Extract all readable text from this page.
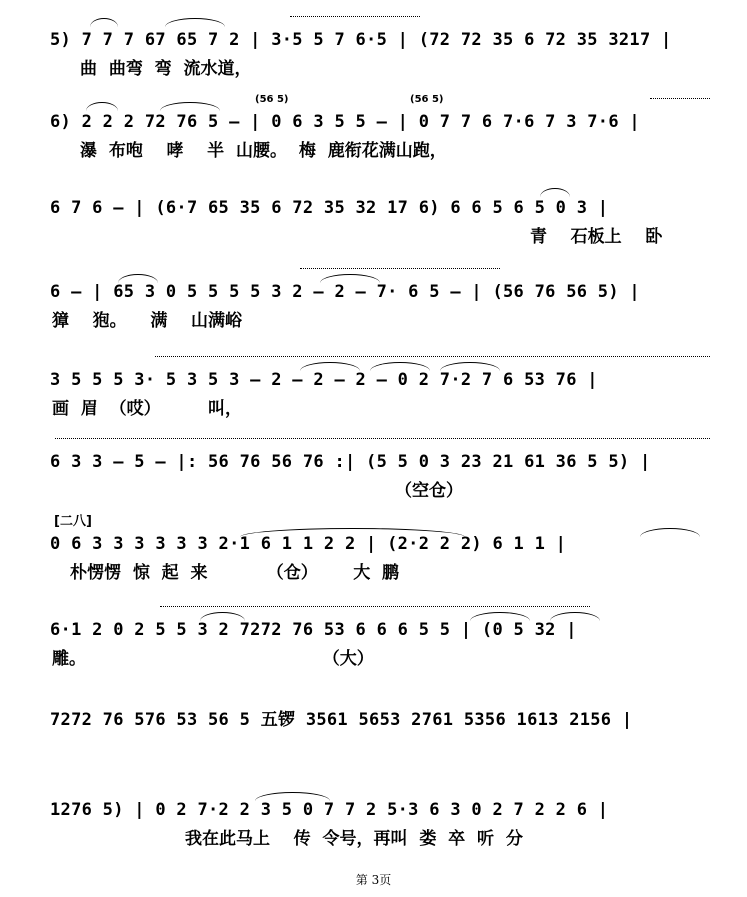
5) 7 7 7 67 65 7 2 | 3·5 5 7 6·5 | (72 72 35 6 72 35 3217 |
曲  曲弯  弯  流水道，
(56 5)	(56 5)
6) 2 2 2 72 76 5 – | 0 6 3 5 5 – | 0 7 7 6 7·6 7 3 7·6 |
瀑  布咆    哮    半  山腰。  梅  鹿衔花满山跑，
6 7 6 – | (6·7 65 35 6 72 35 32 17 6) 6 6 5 6 5 0 3 |
青    石板上    卧
6 – | 65 3 0 5 5 5 5 3 2 – 2 – 7· 6 5 – | (56 76 56 5) |
獐    狍。    满    山满峪
3 5 5 5 3· 5 3 5 3 – 2 – 2 – 2 – 0 2 7·2 7 6 53 76 |
画  眉  （哎）        叫，
6 3 3 – 5 – |: 56 76 56 76 :| (5 5 0 3 23 21 61 36 5 5) |
（空仓）
[二八]
0 6 3 3 3 3 3 3 2·1 6 1 1 2 2 | (2·2 2 2) 6 1 1 |
朴愣愣  惊  起  来          （仓）      大  鹏
6·1 2 0 2 5 5 3 2 7272 76 53 6 6 6 5 5 | (0 5 32 |
雕。                                        （大）
7272 76 576 53 56 5 五锣 3561 5653 2761 5356 1613 2156 |
1276 5) | 0 2 7·2 2 3 5 0 7 7 2 5·3 6 3 0 2 7 2 2 6 |
我在此马上    传  令号，再叫  娄  卒  听  分
第 3页
